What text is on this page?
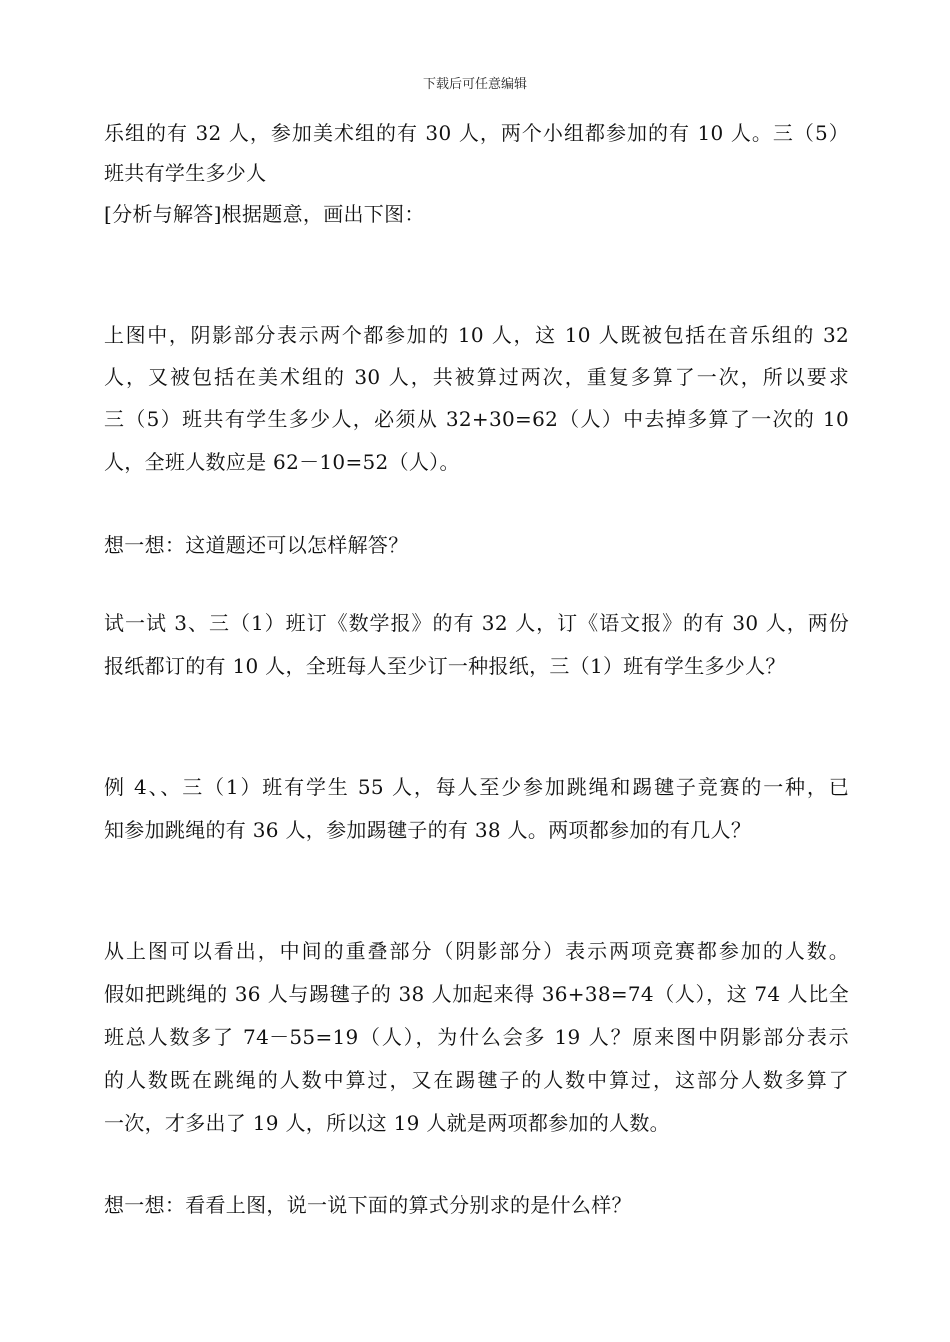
下载后可任意编辑
乐组的有 32 人，参加美术组的有 30 人，两个小组都参加的有 10 人。三（5）
班共有学生多少人
[分析与解答]根据题意，画出下图：
上图中，阴影部分表示两个都参加的 10 人，这 10 人既被包括在音乐组的 32
人，又被包括在美术组的 30 人，共被算过两次，重复多算了一次，所以要求
三（5）班共有学生多少人，必须从 32+30=62（人）中去掉多算了一次的 10
人，全班人数应是 62－10=52（人）。
想一想：这道题还可以怎样解答？
试一试 3、三（1）班订《数学报》的有 32 人，订《语文报》的有 30 人，两份
报纸都订的有 10 人，全班每人至少订一种报纸，三（1）班有学生多少人？
例 4、、三（1）班有学生 55 人，每人至少参加跳绳和踢毽子竞赛的一种，已
知参加跳绳的有 36 人，参加踢毽子的有 38 人。两项都参加的有几人？
从上图可以看出，中间的重叠部分（阴影部分）表示两项竞赛都参加的人数。
假如把跳绳的 36 人与踢毽子的 38 人加起来得 36+38=74（人），这 74 人比全
班总人数多了 74－55=19（人），为什么会多 19 人？原来图中阴影部分表示
的人数既在跳绳的人数中算过，又在踢毽子的人数中算过，这部分人数多算了
一次，才多出了 19 人，所以这 19 人就是两项都参加的人数。
想一想：看看上图，说一说下面的算式分别求的是什么样？
